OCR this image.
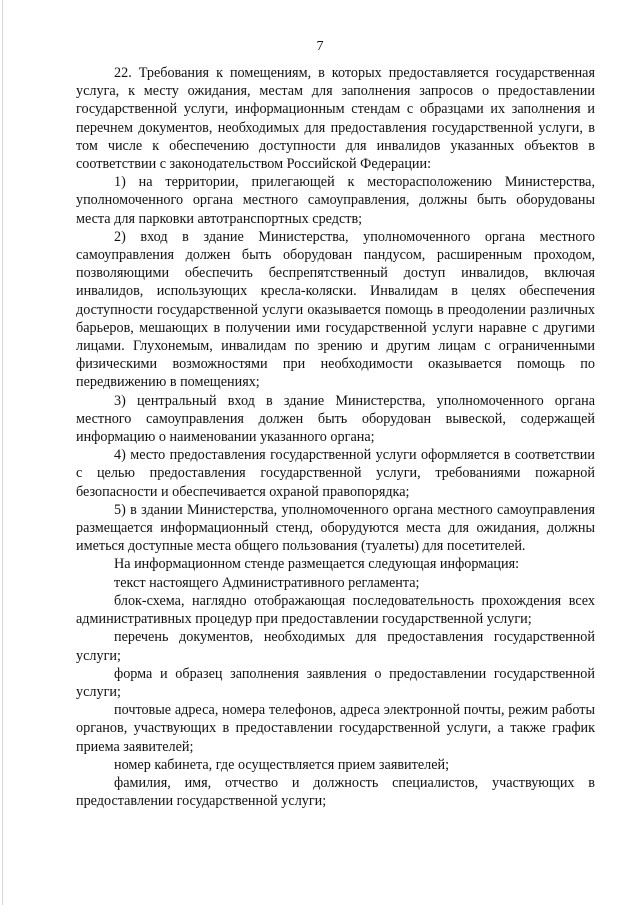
7

22. Требования к помещениям, в которых предоставляется государственная услуга, к месту ожидания, местам для заполнения запросов о предоставлении государственной услуги, информационным стендам с образцами их заполнения и перечнем документов, необходимых для предоставления государственной услуги, в том числе к обеспечению доступности для инвалидов указанных объектов в соответствии с законодательством Российской Федерации:

1) на территории, прилегающей к месторасположению Министерства, уполномоченного органа местного самоуправления, должны быть оборудованы места для парковки автотранспортных средств;

2) вход в здание Министерства, уполномоченного органа местного самоуправления должен быть оборудован пандусом, расширенным проходом, позволяющими обеспечить беспрепятственный доступ инвалидов, включая инвалидов, использующих кресла-коляски. Инвалидам в целях обеспечения доступности государственной услуги оказывается помощь в преодолении различных барьеров, мешающих в получении ими государственной услуги наравне с другими лицами. Глухонемым, инвалидам по зрению и другим лицам с ограниченными физическими возможностями при необходимости оказывается помощь по передвижению в помещениях;

3) центральный вход в здание Министерства, уполномоченного органа местного самоуправления должен быть оборудован вывеской, содержащей информацию о наименовании указанного органа;

4) место предоставления государственной услуги оформляется в соответствии с целью предоставления государственной услуги, требованиями пожарной безопасности и обеспечивается охраной правопорядка;

5) в здании Министерства, уполномоченного органа местного самоуправления размещается информационный стенд, оборудуются места для ожидания, должны иметься доступные места общего пользования (туалеты) для посетителей.

На информационном стенде размещается следующая информация:

текст настоящего Административного регламента;

блок-схема, наглядно отображающая последовательность прохождения всех административных процедур при предоставлении государственной услуги;

перечень документов, необходимых для предоставления государственной услуги;

форма и образец заполнения заявления о предоставлении государственной услуги;

почтовые адреса, номера телефонов, адреса электронной почты, режим работы органов, участвующих в предоставлении государственной услуги, а также график приема заявителей;

номер кабинета, где осуществляется прием заявителей;

фамилия, имя, отчество и должность специалистов, участвующих в предоставлении государственной услуги;
